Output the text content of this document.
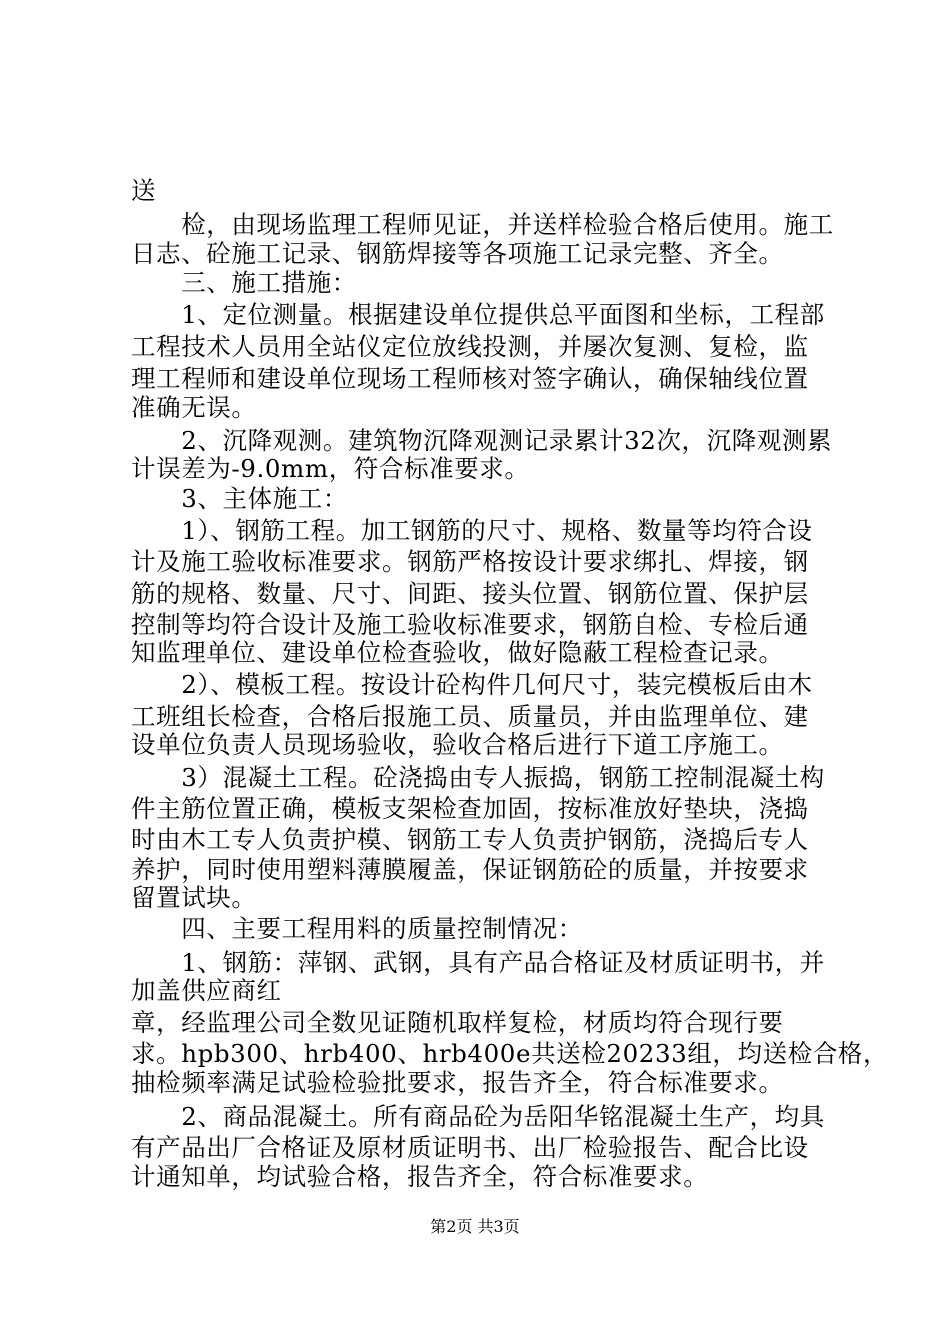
送
　　检，由现场监理工程师见证，并送样检验合格后使用。施工
日志、砼施工记录、钢筋焊接等各项施工记录完整、齐全。
　　三、施工措施：
　　1、定位测量。根据建设单位提供总平面图和坐标，工程部
工程技术人员用全站仪定位放线投测，并屡次复测、复检，监
理工程师和建设单位现场工程师核对签字确认，确保轴线位置
准确无误。
　　2、沉降观测。建筑物沉降观测记录累计32次，沉降观测累
计误差为-9.0mm，符合标准要求。
　　3、主体施工：
　　1）、钢筋工程。加工钢筋的尺寸、规格、数量等均符合设
计及施工验收标准要求。钢筋严格按设计要求绑扎、焊接，钢
筋的规格、数量、尺寸、间距、接头位置、钢筋位置、保护层
控制等均符合设计及施工验收标准要求，钢筋自检、专检后通
知监理单位、建设单位检查验收，做好隐蔽工程检查记录。
　　2）、模板工程。按设计砼构件几何尺寸，装完模板后由木
工班组长检查，合格后报施工员、质量员，并由监理单位、建
设单位负责人员现场验收，验收合格后进行下道工序施工。
　　3）混凝土工程。砼浇捣由专人振捣，钢筋工控制混凝土构
件主筋位置正确，模板支架检查加固，按标准放好垫块，浇捣
时由木工专人负责护模、钢筋工专人负责护钢筋，浇捣后专人
养护，同时使用塑料薄膜履盖，保证钢筋砼的质量，并按要求
留置试块。
　　四、主要工程用料的质量控制情况：
　　1、钢筋：萍钢、武钢，具有产品合格证及材质证明书，并
加盖供应商红
章，经监理公司全数见证随机取样复检，材质均符合现行要
求。hpb300、hrb400、hrb400e共送检20233组，均送检合格，
抽检频率满足试验检验批要求，报告齐全，符合标准要求。
　　2、商品混凝土。所有商品砼为岳阳华铭混凝土生产，均具
有产品出厂合格证及原材质证明书、出厂检验报告、配合比设
计通知单，均试验合格，报告齐全，符合标准要求。
第2页 共3页
